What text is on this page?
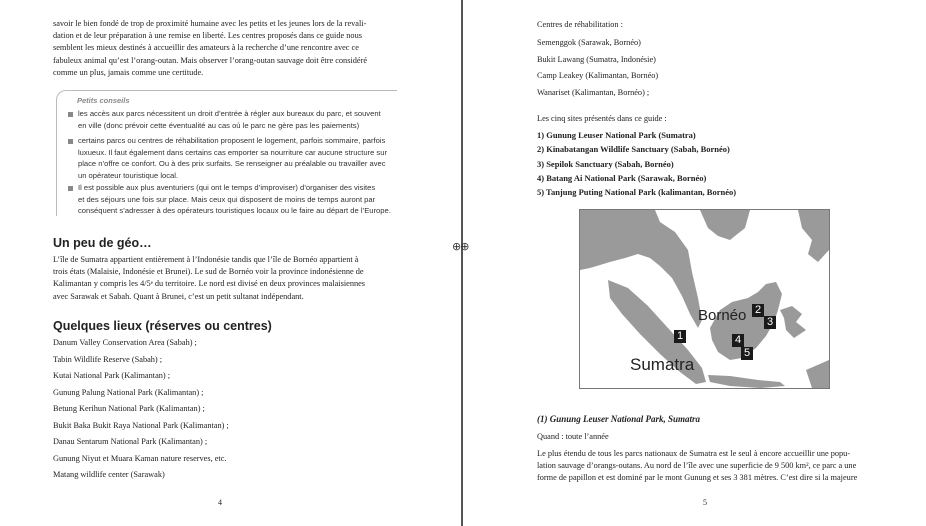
⊕⊕

savoir le bien fondé de trop de proximité humaine avec les petits et les jeunes lors de la revali-
dation et de leur préparation à une remise en liberté. Les centres proposés dans ce guide nous
semblent les mieux destinés à accueillir des amateurs à la recherche d’une rencontre avec ce
fabuleux animal qu’est l’orang-outan. Mais observer l’orang-outan sauvage doit être considéré
comme un plus, jamais comme une certitude.

Petits conseils

les accès aux parcs nécessitent un droit d’entrée à régler aux bureaux du parc, et souvent
en ville (donc prévoir cette éventualité au cas où le parc ne gère pas les paiements)

certains parcs ou centres de réhabilitation proposent le logement, parfois sommaire, parfois
luxueux. Il faut également dans certains cas emporter sa nourriture car aucune structure sur
place n’offre ce confort. Ou à des prix surfaits. Se renseigner au préalable ou travailler avec
un opérateur touristique local.

Il est possible aux plus aventuriers (qui ont le temps d’improviser) d’organiser des visites
et des séjours une fois sur place. Mais ceux qui disposent de moins de temps auront par
conséquent s’adresser à des opérateurs touristiques locaux ou le faire au départ de l’Europe.

Un peu de géo…

L’île de Sumatra appartient entièrement à l’Indonésie tandis que l’île de Bornéo appartient à
trois états (Malaisie, Indonésie et Brunei). Le sud de Bornéo voir la province indonésienne de
Kalimantan y compris les 4/5ᵉ du territoire. Le nord est divisé en deux provinces malaisiennes
avec Sarawak et Sabah. Quant à Brunei, c’est un petit sultanat indépendant.

Quelques lieux (réserves ou centres)
Danum Valley Conservation Area (Sabah) ;
Tabin Wildlife Reserve (Sabah) ;
Kutai National Park (Kalimantan) ;
Gunung Palung National Park (Kalimantan) ;
Betung Kerihun National Park (Kalimantan) ;
Bukit Baka Bukit Raya National Park (Kalimantan) ;
Danau Sentarum National Park (Kalimantan) ;
Gunung Niyut et Muara Kaman nature reserves, etc.
Matang wildlife center (Sarawak)
4
Centres de réhabilitation :
Semenggok (Sarawak, Bornéo)
Bukit Lawang (Sumatra, Indonésie)
Camp Leakey (Kalimantan, Bornéo)
Wanariset (Kalimantan, Bornéo) ;
Les cinq sites présentés dans ce guide :
1) Gunung Leuser National Park (Sumatra)
2) Kinabatangan Wildlife Sanctuary (Sabah, Bornéo)
3) Sepilok Sanctuary (Sabah, Bornéo)
4) Batang Ai National Park (Sarawak, Bornéo)
5) Tanjung Puting National Park (kalimantan, Bornéo)
Bornéo
Sumatra
1
2
3
4
5
(1) Gunung Leuser National Park, Sumatra
Quand : toute l’année

Le plus étendu de tous les parcs nationaux de Sumatra est le seul à encore accueillir une popu-
lation sauvage d’orangs-outans. Au nord de l’île avec une superficie de 9 500 km², ce parc a une
forme de papillon et est dominé par le mont Gunung et ses 3 381 mètres. C’est dire si la majeure

5
